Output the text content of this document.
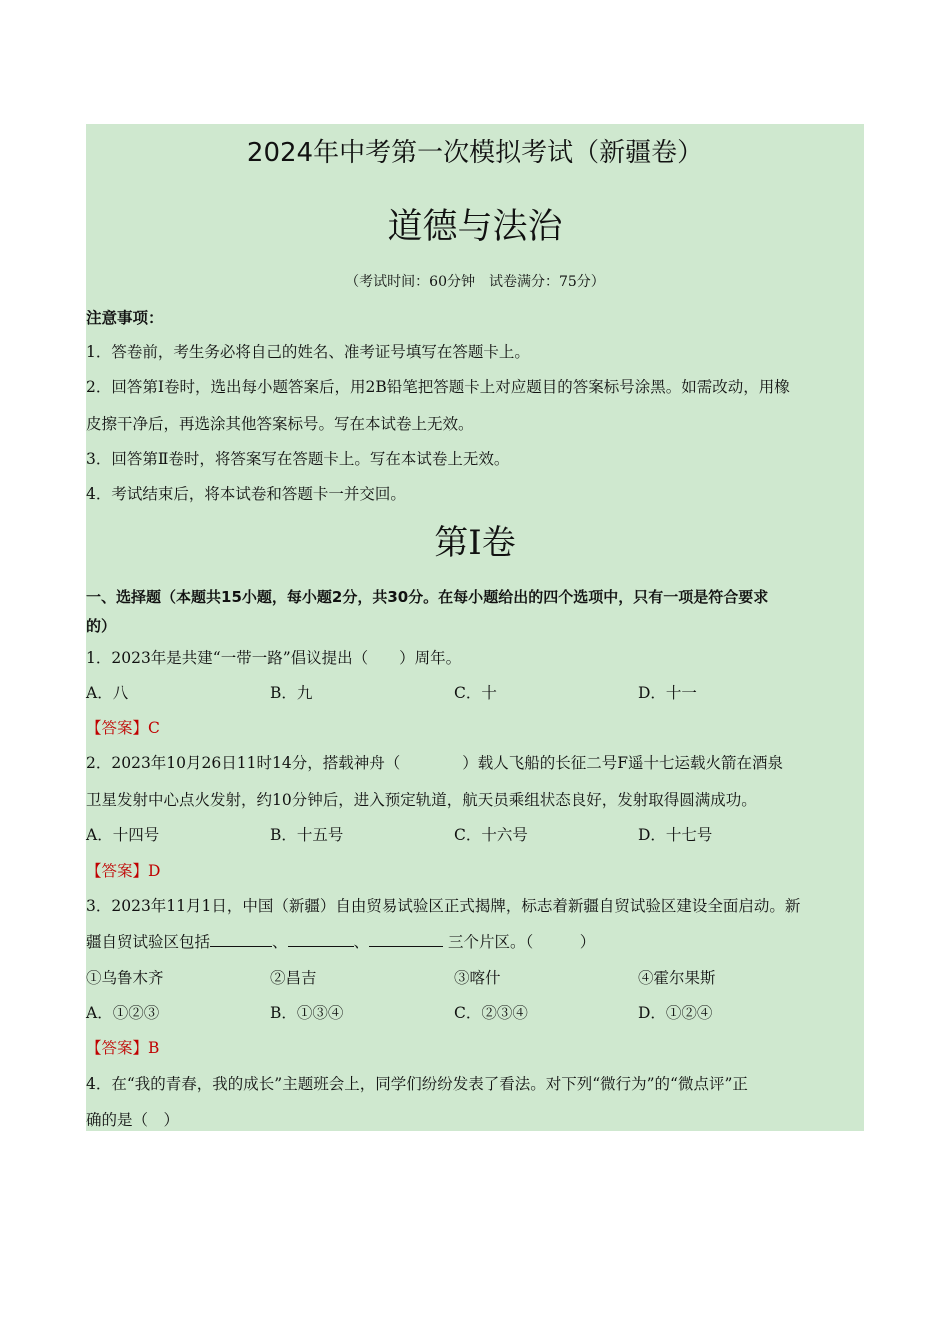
2024年中考第一次模拟考试（新疆卷）
道德与法治
（考试时间：60分钟　试卷满分：75分）
注意事项：
1．答卷前，考生务必将自己的姓名、准考证号填写在答题卡上。
2．回答第Ⅰ卷时，选出每小题答案后，用2B铅笔把答题卡上对应题目的答案标号涂黑。如需改动，用橡
皮擦干净后，再选涂其他答案标号。写在本试卷上无效。
3．回答第Ⅱ卷时，将答案写在答题卡上。写在本试卷上无效。
4．考试结束后，将本试卷和答题卡一并交回。
第Ⅰ卷
一、选择题（本题共15小题，每小题2分，共30分。在每小题给出的四个选项中，只有一项是符合要求
的）
1．2023年是共建“一带一路”倡议提出（　　）周年。
A．八	B．九	C．十	D．十一
【答案】C
2．2023年10月26日11时14分，搭载神舟（　　　　）载人飞船的长征二号F遥十七运载火箭在酒泉
卫星发射中心点火发射，约10分钟后，进入预定轨道，航天员乘组状态良好，发射取得圆满成功。
A．十四号	B．十五号	C．十六号	D．十七号
【答案】D
3．2023年11月1日，中国（新疆）自由贸易试验区正式揭牌，标志着新疆自贸试验区建设全面启动。新
疆自贸试验区包括	、	、	三个片区。（　　　）
①乌鲁木齐	②昌吉	③喀什	④霍尔果斯
A．①②③	B．①③④	C．②③④	D．①②④
【答案】B
4．在“我的青春，我的成长”主题班会上，同学们纷纷发表了看法。对下列“微行为”的“微点评”正
确的是（　）
